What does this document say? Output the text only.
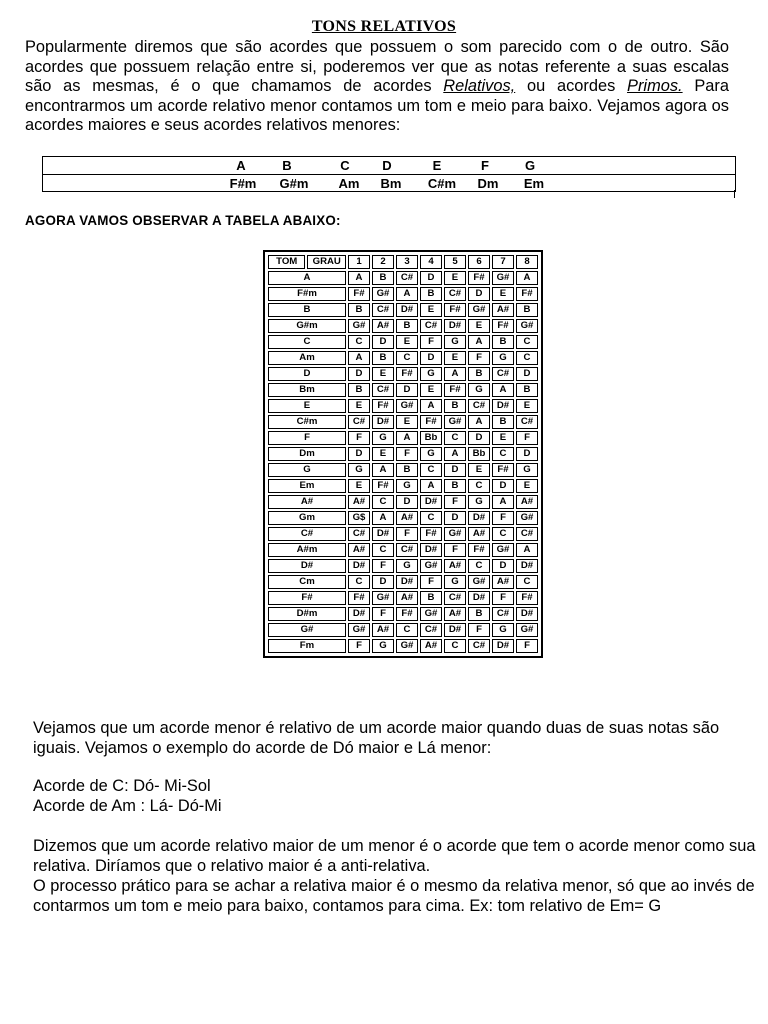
TONS RELATIVOS

Popularmente diremos que são acordes que possuem o som parecido com o de outro. São acordes que possuem relação entre si, poderemos ver que as notas referente a suas escalas são as mesmas, é o que chamamos de acordes Relativos, ou acordes Primos. Para encontrarmos um acorde relativo menor contamos um tom e meio para baixo. Vejamos agora os acordes maiores e seus acordes relativos menores:

A	B	C	D	E	F	G
F#m	G#m	Am	Bm	C#m	Dm	Em
AGORA VAMOS OBSERVAR A TABELA ABAIXO:
TOM	GRAU	1	2	3	4	5	6	7	8
A		A	B	C#	D	E	F#	G#	A
F#m		F#	G#	A	B	C#	D	E	F#
B		B	C#	D#	E	F#	G#	A#	B
G#m		G#	A#	B	C#	D#	E	F#	G#
C		C	D	E	F	G	A	B	C
Am		A	B	C	D	E	F	G	C
D		D	E	F#	G	A	B	C#	D
Bm		B	C#	D	E	F#	G	A	B
E		E	F#	G#	A	B	C#	D#	E
C#m		C#	D#	E	F#	G#	A	B	C#
F		F	G	A	Bb	C	D	E	F
Dm		D	E	F	G	A	Bb	C	D
G		G	A	B	C	D	E	F#	G
Em		E	F#	G	A	B	C	D	E
A#		A#	C	D	D#	F	G	A	A#
Gm		G$	A	A#	C	D	D#	F	G#
C#		C#	D#	F	F#	G#	A#	C	C#
A#m		A#	C	C#	D#	F	F#	G#	A
D#		D#	F	G	G#	A#	C	D	D#
Cm		C	D	D#	F	G	G#	A#	C
F#		F#	G#	A#	B	C#	D#	F	F#
D#m		D#	F	F#	G#	A#	B	C#	D#
G#		G#	A#	C	C#	D#	F	G	G#
Fm		F	G	G#	A#	C	C#	D#	F

Vejamos que um acorde menor é relativo de um acorde maior quando duas de suas notas são iguais. Vejamos o exemplo do acorde de Dó maior e Lá menor:

Acorde de C: Dó- Mi-Sol

Acorde de Am : Lá- Dó-Mi

Dizemos que um acorde relativo maior de um menor é o acorde que tem o acorde menor como sua relativa. Diríamos que o relativo maior é a anti-relativa.

O processo prático para se achar a relativa maior é o mesmo da relativa menor, só que ao invés de contarmos um tom e meio para baixo, contamos para cima. Ex: tom relativo de Em= G
